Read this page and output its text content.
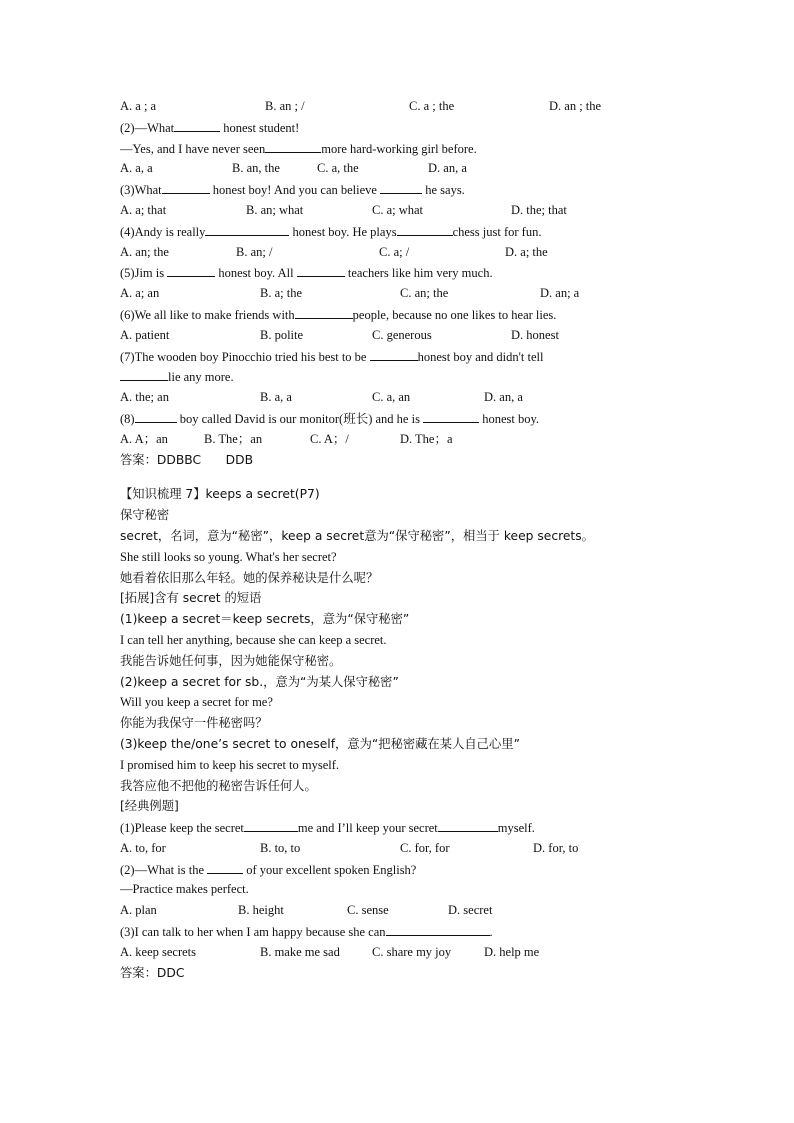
A. a ; a	B. an ; /	C. a ; the	D. an ; the
(2)—What	honest student!
—Yes, and I have never seen	more hard-working girl before.
A. a, a	B. an, the	C. a, the	D. an, a
(3)What	honest boy! And you can believe	he says.
A. a; that	B. an; what	C. a; what	D. the; that
(4)Andy is really	honest boy. He plays	chess just for fun.
A. an; the	B. an; /	C. a; /	D. a; the
(5)Jim is	honest boy. All	teachers like him very much.
A. a; an	B. a; the	C. an; the	D. an; a
(6)We all like to make friends with	people, because no one likes to hear lies.
A. patient	B. polite	C. generous	D. honest
(7)The wooden boy Pinocchio tried his best to be	honest boy and didn't tell
lie any more.
A. the; an	B. a, a	C. a, an	D. an, a
(8)	boy called David is our monitor(班长) and he is	honest boy.
A. A；an	B. The；an	C. A；/	D. The；a
答案：DDBBC　　DDB
【知识梳理 7】keeps a secret(P7)
保守秘密
secret，名词，意为“秘密”，keep a secret意为“保守秘密”，相当于 keep secrets。
She still looks so young. What's her secret?
她看着依旧那么年轻。她的保养秘诀是什么呢？
[拓展]含有 secret 的短语
(1)keep a secret＝keep secrets，意为“保守秘密”
I can tell her anything, because she can keep a secret.
我能告诉她任何事，因为她能保守秘密。
(2)keep a secret for sb.，意为“为某人保守秘密”
Will you keep a secret for me?
你能为我保守一件秘密吗？
(3)keep the/one’s secret to oneself，意为“把秘密藏在某人自己心里”
I promised him to keep his secret to myself.
我答应他不把他的秘密告诉任何人。
[经典例题]
(1)Please keep the secret	me and I’ll keep your secret	myself.
A. to, for	B. to, to	C. for, for	D. for, to
(2)—What is the	of your excellent spoken English?
—Practice makes perfect.
A. plan	B. height	C. sense	D. secret
(3)I can talk to her when I am happy because she can	.
A. keep secrets	B. make me sad	C. share my joy	D. help me
答案：DDC
